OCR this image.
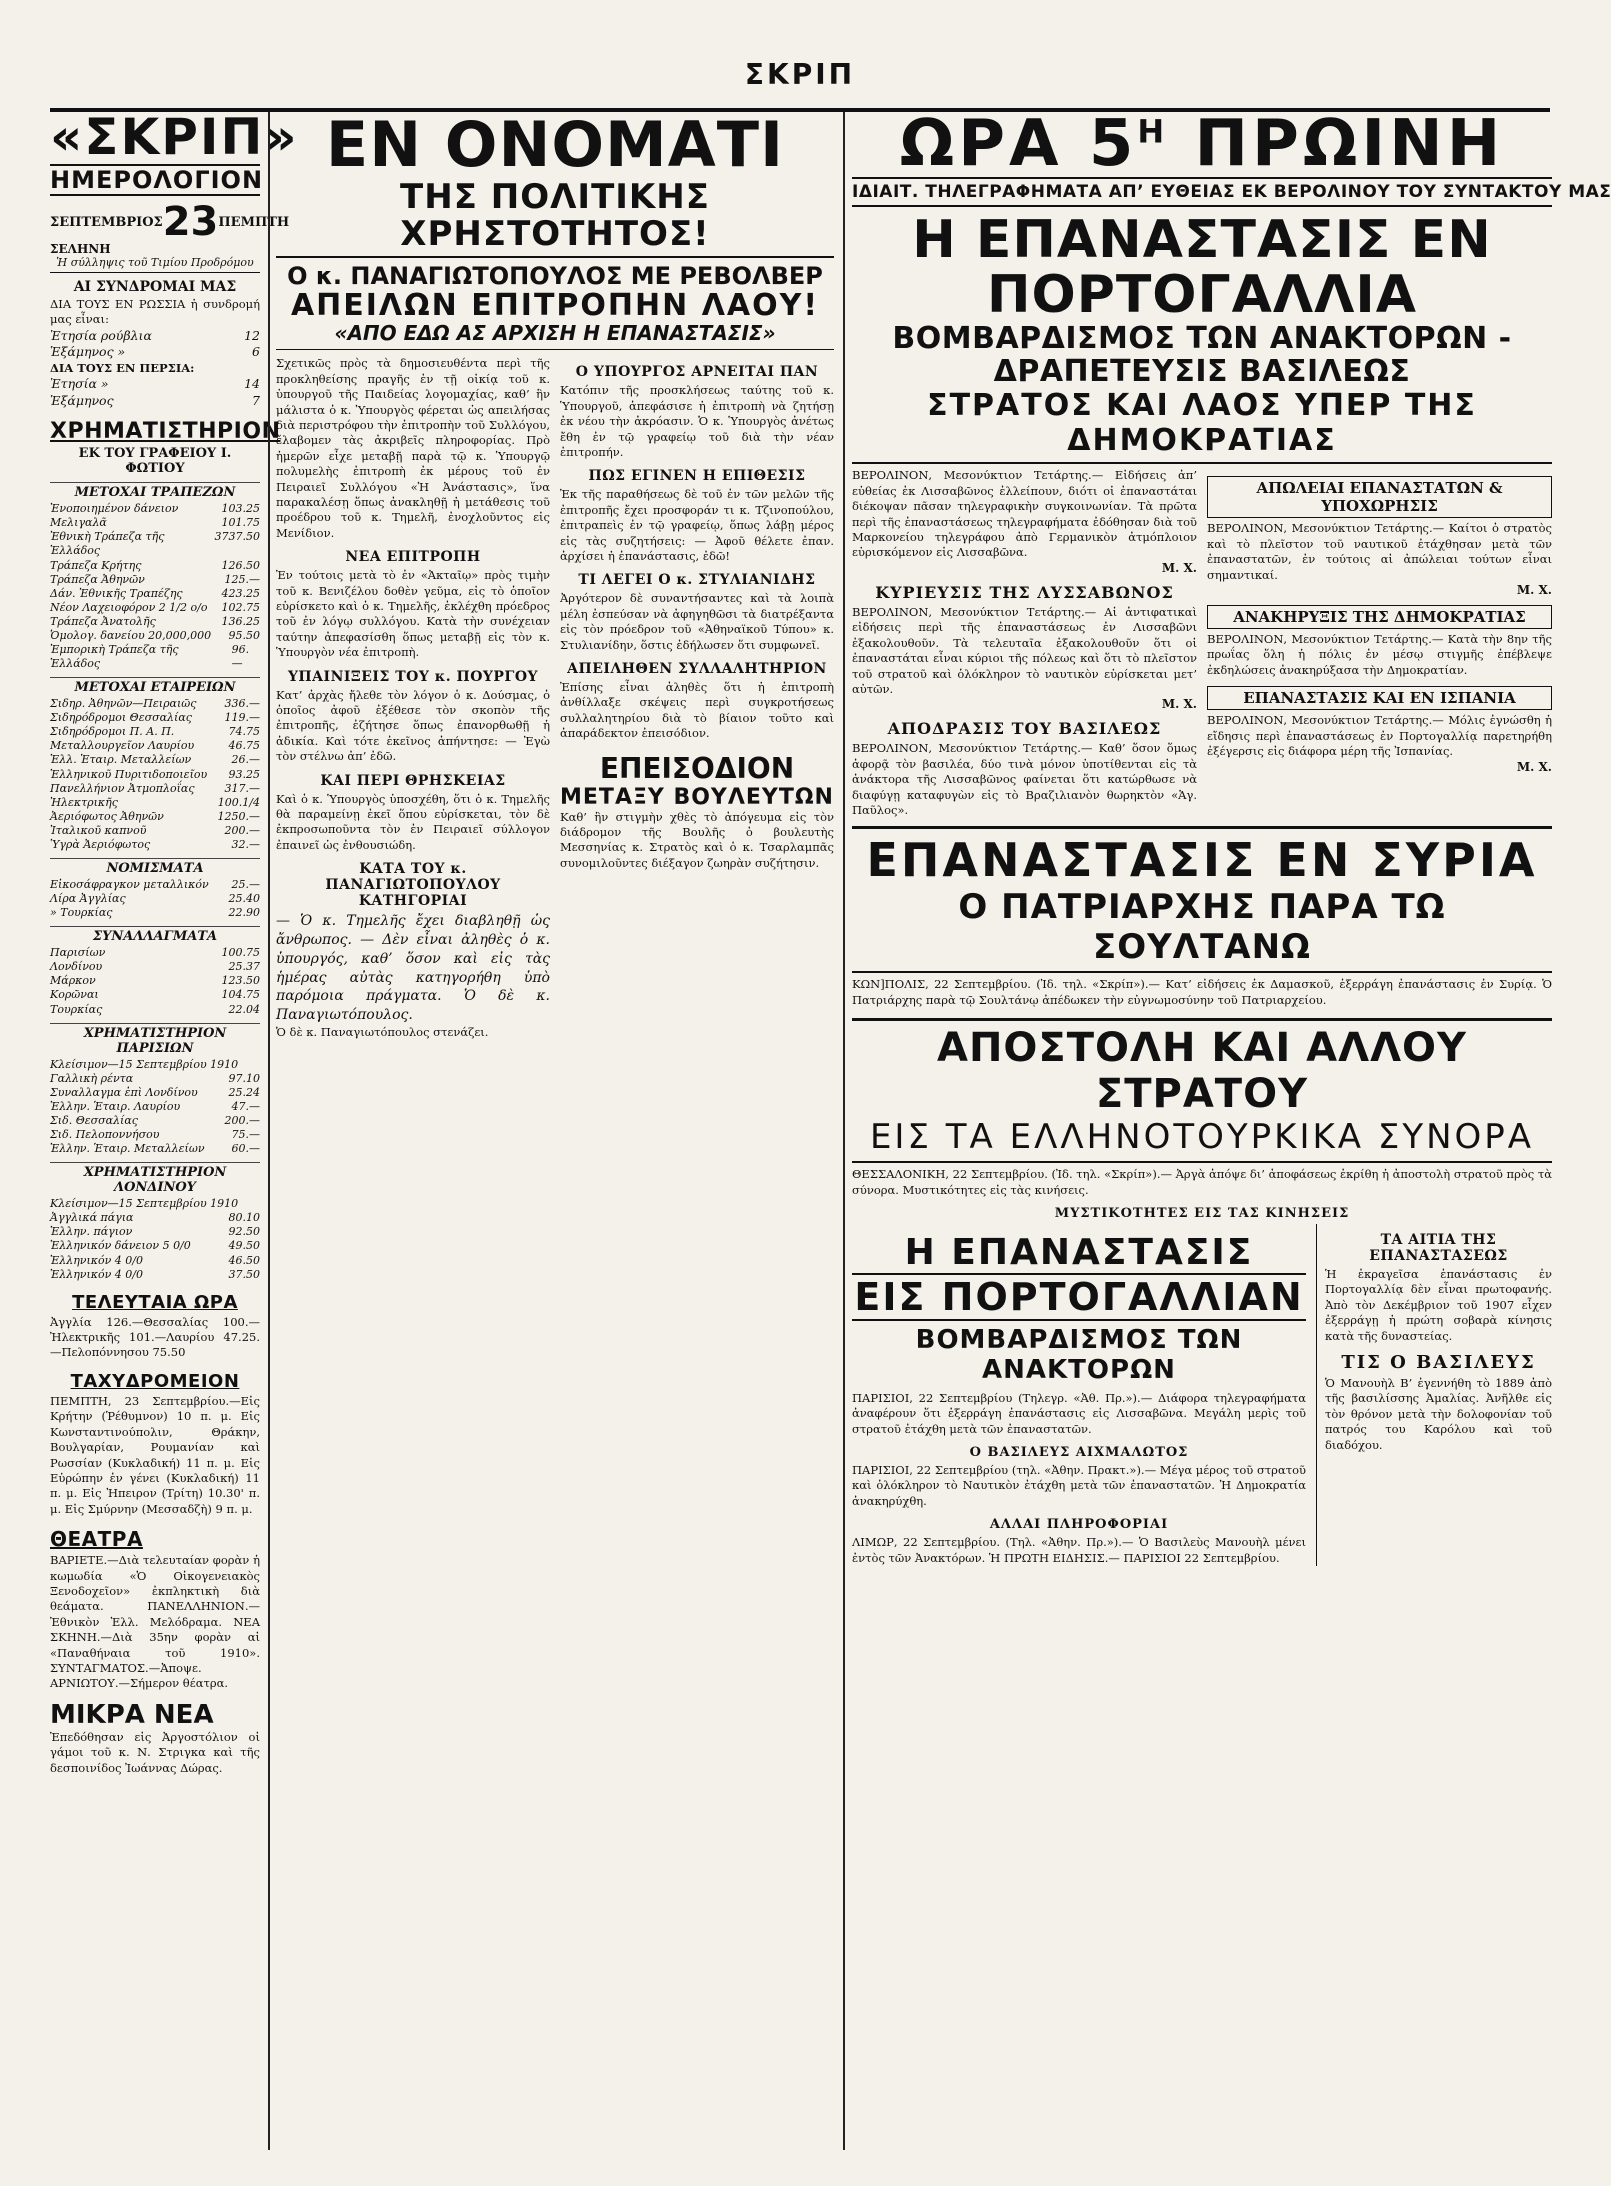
ΣΚΡΙΠ
«ΣΚΡΙΠ»
ΗΜΕΡΟΛΟΓΙΟΝ
ΣΕΠΤΕΜΒΡΙΟΣ 23 ΠΕΜΠΤΗ
ΣΕΛΗΝΗ
Ἡ σύλληψις τοῦ Τιμίου Προδρόμου
ΑΙ ΣΥΝΔΡΟΜΑΙ ΜΑΣ
ΔΙΑ ΤΟΥΣ ΕΝ ΡΩΣΣΙΑ ἡ συνδρομή μας εἶναι:
Ἐτησία ρούβλια	12
Ἑξάμηνος »	6
ΔΙΑ ΤΟΥΣ ΕΝ ΠΕΡΣΙΑ:
Ἐτησία »	14
Ἑξάμηνος	7
ΧΡΗΜΑΤΙΣΤΗΡΙΟΝ
ΕΚ ΤΟΥ ΓΡΑΦΕΙΟΥ Ι. ΦΩΤΙΟΥ
ΜΕΤΟΧΑΙ ΤΡΑΠΕΖΩΝ
Ἐνοποιημένον δάνειον	103.25
Μελιγαλᾶ	101.75
Ἐθνικὴ Τράπεζα τῆς Ἑλλάδος
3737.50
Τράπεζα Κρήτης	126.50
Τράπεζα Ἀθηνῶν	125.—
Δάν. Ἐθνικῆς Τραπέζης	423.25
Νέον Λαχειοφόρον 2 1/2 ο/ο 102.75
Τράπεζα Ἀνατολῆς	136.25
Ὁμολογ. δανείου 20,000,000 95.50
Ἐμπορικὴ Τράπεζα τῆς Ἑλλάδος
96.—
ΜΕΤΟΧΑΙ ΕΤΑΙΡΕΙΩΝ
Σιδηρ. Ἀθηνῶν—Πειραιῶς	336.—
Σιδηρόδρομοι Θεσσαλίας	119.—
Σιδηρόδρομοι Π. Α. Π.	74.75
Μεταλλουργεῖον Λαυρίου	46.75
Ἑλλ. Ἑταιρ. Μεταλλείων	26.—
Ἑλληνικοῦ Πυριτιδοποιεῖου 93.25
Πανελλήνιον Ἀτμοπλοΐας	317.—
Ἠλεκτρικῆς	100.1/4
Ἀεριόφωτος Ἀθηνῶν	1250.—
Ἰταλικοῦ καπνοῦ	200.—
Ὑγρὰ Ἀεριόφωτος	32.—
ΝΟΜΙΣΜΑΤΑ
Εἰκοσάφραγκον μεταλλικόν 25.—
Λίρα Ἀγγλίας	25.40
» Τουρκίας	22.90
ΣΥΝΑΛΛΑΓΜΑΤΑ
Παρισίων	100.75
Λονδίνου	25.37
Μάρκον	123.50
Κορῶναι	104.75
Τουρκίας	22.04
ΧΡΗΜΑΤΙΣΤΗΡΙΟΝ ΠΑΡΙΣΙΩΝ
Κλείσιμον—15 Σεπτεμβρίου 1910
Γαλλικὴ ρέντα	97.10
Συναλλαγμα ἐπὶ Λονδίνου	25.24
Ἑλλην. Ἑταιρ. Λαυρίου	47.—
Σιδ. Θεσσαλίας	200.—
Σιδ. Πελοποννήσου	75.—
Ἑλλην. Ἑταιρ. Μεταλλείων 60.—
ΧΡΗΜΑΤΙΣΤΗΡΙΟΝ ΛΟΝΔΙΝΟΥ
Κλείσιμον—15 Σεπτεμβρίου 1910
Ἀγγλικά πάγια	80.10
Ἑλλην. πάγιον	92.50
Ἑλληνικόν δάνειον 5 0/0	49.50
Ἑλληνικόν 4 0/0	46.50
Ἑλληνικόν 4 0/0	37.50
ΤΕΛΕΥΤΑΙΑ ΩΡΑ
Ἀγγλία 126.—Θεσσαλίας 100.—Ἠλεκτρικῆς 101.—Λαυρίου 47.25.—Πελοπόννησου 75.50
ΤΑΧΥΔΡΟΜΕΙΟΝ
ΠΕΜΠΤΗ, 23 Σεπτεμβρίου.—Εἰς Κρήτην (Ῥέθυμνον) 10 π. μ. Εἰς Κωνσταντινούπολιν, Θράκην, Βουλγαρίαν, Ρουμανίαν καὶ Ρωσσίαν (Κυκλαδική) 11 π. μ. Εἰς Εὐρώπην ἐν γένει (Κυκλαδική) 11 π. μ. Εἰς Ἠπειρον (Τρίτη) 10.30' π. μ. Εἰς Σμύρνην (Μεσσαδζὴ) 9 π. μ.
ΘΕΑΤΡΑ
ΒΑΡΙΕΤΕ.—Διὰ τελευταίαν φορὰν ἡ κωμωδία «Ὁ Οἰκογενειακὸς Ξενοδοχεῖον» ἐκπληκτικὴ διὰ θεάματα. ΠΑΝΕΛΛΗΝΙΟΝ.—Ἐθνικὸν Ἑλλ. Μελόδραμα. ΝΕΑ ΣΚΗΝΗ.—Διὰ 35ην φορὰν αἱ «Παναθήναια τοῦ 1910». ΣΥΝΤΑΓΜΑΤΟΣ.—Ἀποψε. ΑΡΝΙΩΤΟΥ.—Σήμερον θέατρα.
ΜΙΚΡΑ ΝΕΑ
Ἐπεδόθησαν εἰς Ἀργοστόλιον οἱ γάμοι τοῦ κ. Ν. Στριγκα καὶ τῆς δεσποινίδος Ἰωάννας Δώρας.
ΕΝ ΟΝΟΜΑΤΙ
ΤΗΣ ΠΟΛΙΤΙΚΗΣ ΧΡΗΣΤΟΤΗΤΟΣ!
Ο κ. ΠΑΝΑΓΙΩΤΟΠΟΥΛΟΣ ΜΕ ΡΕΒΟΛΒΕΡ
ΑΠΕΙΛΩΝ ΕΠΙΤΡΟΠΗΝ ΛΑΟΥ!
«ΑΠΟ ΕΔΩ ΑΣ ΑΡΧΙΣΗ Η ΕΠΑΝΑΣΤΑΣΙΣ»
Σχετικῶς πρὸς τὰ δημοσιευθέντα περὶ τῆς προκληθείσης πραγῆς ἐν τῇ οἰκίᾳ τοῦ κ. ὑπουργοῦ τῆς Παιδείας λογομαχίας, καθ’ ἣν μάλιστα ὁ κ. Ὑπουργὸς φέρεται ὡς απειλήσας διὰ περιστρόφου τὴν ἐπιτροπὴν τοῦ Συλλόγου, ἔλαβομεν τὰς ἀκριβεῖς πληροφορίας. Πρὸ ἡμερῶν εἶχε μεταβῇ παρὰ τῷ κ. Ὑπουργῷ πολυμελὴς ἐπιτροπὴ ἐκ μέρους τοῦ ἐν Πειραιεῖ Συλλόγου «Ἡ Ἀνάστασις», ἵνα παρακαλέσῃ ὅπως ἀνακληθῇ ἡ μετάθεσις τοῦ προέδρου τοῦ κ. Τημελῆ, ἐνοχλοῦντος εἰς Μενίδιον.
ΝΕΑ ΕΠΙΤΡΟΠΗ
Ἐν τούτοις μετὰ τὸ ἐν «Ἀκταῖῳ» πρὸς τιμὴν τοῦ κ. Βενιζέλου δοθὲν γεῦμα, εἰς τὸ ὁποῖον εὑρίσκετο καὶ ὁ κ. Τημελῆς, ἐκλέχθη πρόεδρος τοῦ ἐν λόγῳ συλλόγου. Κατὰ τὴν συνέχειαν ταύτην ἀπεφασίσθη ὅπως μεταβῇ εἰς τὸν κ. Ὑπουργὸν νέα ἐπιτροπὴ.
ΥΠΑΙΝΙΞΕΙΣ ΤΟΥ κ. ΠΟΥΡΓΟΥ
Κατ’ ἀρχὰς ἤλεθε τὸν λόγον ὁ κ. Δούσμας, ὁ ὁποῖος ἀφοῦ ἐξέθεσε τὸν σκοπὸν τῆς ἐπιτροπῆς, ἐζήτησε ὅπως ἐπανορθωθῇ ἡ ἀδικία. Καὶ τότε ἐκεῖνος ἀπήντησε: — Ἐγὼ τὸν στέλνω ἀπ’ ἐδῶ.
ΚΑΙ ΠΕΡΙ ΘΡΗΣΚΕΙΑΣ
Καὶ ὁ κ. Ὑπουργὸς ὑποσχέθη, ὅτι ὁ κ. Τημελῆς θὰ παραμείνῃ ἐκεῖ ὅπου εὑρίσκεται, τὸν δὲ ἐκπροσωποῦντα τὸν ἐν Πειραιεῖ σύλλογον ἐπαινεῖ ὡς ἐνθουσιώδη.
ΚΑΤΑ ΤΟΥ κ. ΠΑΝΑΓΙΩΤΟΠΟΥΛΟΥ ΚΑΤΗΓΟΡΙΑΙ
— Ὁ κ. Τημελῆς ἔχει διαβληθῇ ὡς ἄνθρωπος. — Δὲν εἶναι ἀληθὲς ὁ κ. ὑπουργός, καθ’ ὅσον καὶ εἰς τὰς ἡμέρας αὐτὰς κατηγορήθη ὑπὸ παρόμοια πράγματα. Ὁ δὲ κ. Παναγιωτόπουλος.
Ὁ δὲ κ. Παναγιωτόπουλος στενάζει.
Ο ΥΠΟΥΡΓΟΣ ΑΡΝΕΙΤΑΙ ΠΑΝ
Κατόπιν τῆς προσκλήσεως ταύτης τοῦ κ. Ὑπουργοῦ, ἀπεφάσισε ἡ ἐπιτροπὴ νὰ ζητήσῃ ἐκ νέου τὴν ἀκρόασιν. Ὁ κ. Ὑπουργὸς ἀνέτως ἔθη ἐν τῷ γραφείῳ τοῦ διὰ τὴν νέαν ἐπιτροπήν.
ΠΩΣ ΕΓΙΝΕΝ Η ΕΠΙΘΕΣΙΣ
Ἐκ τῆς παραθήσεως δὲ τοῦ ἐν τῶν μελῶν τῆς ἐπιτροπῆς ἔχει προσφοράν τι κ. Τζινοπούλου, ἐπιτραπεὶς ἐν τῷ γραφείῳ, ὅπως λάβῃ μέρος εἰς τὰς συζητήσεις: — Ἀφοῦ θέλετε ἐπαν. ἀρχίσει ἡ ἐπανάστασις, ἐδῶ!
ΤΙ ΛΕΓΕΙ Ο κ. ΣΤΥΛΙΑΝΙΔΗΣ
Ἀργότερον δὲ συναντήσαντες καὶ τὰ λοιπὰ μέλη ἐσπεύσαν νὰ ἀφηγηθῶσι τὰ διατρέξαντα εἰς τὸν πρόεδρον τοῦ «Ἀθηναϊκοῦ Τύπου» κ. Στυλιανίδην, ὅστις ἐδήλωσεν ὅτι συμφωνεῖ.
ΑΠΕΙΛΗΘΕΝ ΣΥΛΛΑΛΗΤΗΡΙΟΝ
Ἐπίσης εἶναι ἀληθὲς ὅτι ἡ ἐπιτροπὴ ἀνθίλλαξε σκέψεις περὶ συγκροτήσεως συλλαλητηρίου διὰ τὸ βίαιον τοῦτο καὶ ἀπαράδεκτον ἐπεισόδιον.
ΕΠΕΙΣΟΔΙΟΝ
ΜΕΤΑΞΥ ΒΟΥΛΕΥΤΩΝ
Καθ’ ἣν στιγμὴν χθὲς τὸ ἀπόγευμα εἰς τὸν διάδρομον τῆς Βουλῆς ὁ βουλευτὴς Μεσσηνίας κ. Στρατὸς καὶ ὁ κ. Τσαρλαμπᾶς συνομιλοῦντες διέξαγον ζωηρὰν συζήτησιν.
ΩΡΑ $5^H$ ΠΡΩΙΝΗ
ΙΔΙΑΙΤ. ΤΗΛΕΓΡΑΦΗΜΑΤΑ ΑΠ’ ΕΥΘΕΙΑΣ ΕΚ ΒΕΡΟΛΙΝΟΥ ΤΟΥ ΣΥΝΤΑΚΤΟΥ ΜΑΣ
Η ΕΠΑΝΑΣΤΑΣΙΣ ΕΝ ΠΟΡΤΟΓΑΛΛΙΑ
ΒΟΜΒΑΡΔΙΣΜΟΣ ΤΩΝ ΑΝΑΚΤΟΡΩΝ - ΔΡΑΠΕΤΕΥΣΙΣ ΒΑΣΙΛΕΩΣ
ΣΤΡΑΤΟΣ ΚΑΙ ΛΑΟΣ ΥΠΕΡ ΤΗΣ ΔΗΜΟΚΡΑΤΙΑΣ
ΒΕΡΟΛΙΝΟΝ, Μεσονύκτιον Τετάρτης.— Εἰδήσεις ἀπ’ εὐθείας ἐκ Λισσαβῶνος ἐλλείπουν, διότι οἱ ἐπαναστάται διέκοψαν πᾶσαν τηλεγραφικὴν συγκοινωνίαν. Τὰ πρῶτα περὶ τῆς ἐπαναστάσεως τηλεγραφήματα ἐδόθησαν διὰ τοῦ Μαρκονείου τηλεγράφου ἀπὸ Γερμανικὸν ἀτμόπλοιον εὑρισκόμενον εἰς Λισσαβῶνα.
Μ. Χ.
ΚΥΡΙΕΥΣΙΣ ΤΗΣ ΛΥΣΣΑΒΩΝΟΣ
ΒΕΡΟΛΙΝΟΝ, Μεσονύκτιον Τετάρτης.— Αἱ ἀντιφατικαὶ εἰδήσεις περὶ τῆς ἐπαναστάσεως ἐν Λισσαβῶνι ἐξακολουθοῦν. Τὰ τελευταῖα ἐξακολουθοῦν ὅτι οἱ ἐπαναστάται εἶναι κύριοι τῆς πόλεως καὶ ὅτι τὸ πλεῖστον τοῦ στρατοῦ καὶ ὁλόκληρον τὸ ναυτικὸν εὑρίσκεται μετ’ αὐτῶν.
Μ. Χ.
ΑΠΟΔΡΑΣΙΣ ΤΟΥ ΒΑΣΙΛΕΩΣ
ΒΕΡΟΛΙΝΟΝ, Μεσονύκτιον Τετάρτης.— Καθ’ ὅσον ὅμως ἀφορᾷ τὸν βασιλέα, δύο τινὰ μόνον ὑποτίθενται εἰς τὰ ἀνάκτορα τῆς Λισσαβῶνος φαίνεται ὅτι κατώρθωσε νὰ διαφύγῃ καταφυγὼν εἰς τὸ Βραζιλιανὸν θωρηκτὸν «Ἁγ. Παῦλος».
ΑΠΩΛΕΙΑΙ ΕΠΑΝΑΣΤΑΤΩΝ & ΥΠΟΧΩΡΗΣΙΣ
ΒΕΡΟΛΙΝΟΝ, Μεσονύκτιον Τετάρτης.— Καίτοι ὁ στρατὸς καὶ τὸ πλεῖστον τοῦ ναυτικοῦ ἐτάχθησαν μετὰ τῶν ἐπαναστατῶν, ἐν τούτοις αἱ ἀπώλειαι τούτων εἶναι σημαντικαί.
Μ. Χ.
ΑΝΑΚΗΡΥΞΙΣ ΤΗΣ ΔΗΜΟΚΡΑΤΙΑΣ
ΒΕΡΟΛΙΝΟΝ, Μεσονύκτιον Τετάρτης.— Κατὰ τὴν 8ην τῆς πρωΐας ὅλη ἡ πόλις ἐν μέσῳ στιγμῆς ἐπέβλεψε ἐκδηλώσεις ἀνακηρύξασα τὴν Δημοκρατίαν.
ΕΠΑΝΑΣΤΑΣΙΣ ΚΑΙ ΕΝ ΙΣΠΑΝΙΑ
ΒΕΡΟΛΙΝΟΝ, Μεσονύκτιον Τετάρτης.— Μόλις ἐγνώσθη ἡ εἴδησις περὶ ἐπαναστάσεως ἐν Πορτογαλλίᾳ παρετηρήθη ἐξέγερσις εἰς διάφορα μέρη τῆς Ἰσπανίας.
Μ. Χ.
ΕΠΑΝΑΣΤΑΣΙΣ ΕΝ ΣΥΡΙΑ
Ο ΠΑΤΡΙΑΡΧΗΣ ΠΑΡΑ ΤΩ ΣΟΥΛΤΑΝΩ
ΚΩΝ]ΠΟΛΙΣ, 22 Σεπτεμβρίου. (Ἰδ. τηλ. «Σκρίπ»).— Κατ’ εἰδήσεις ἐκ Δαμασκοῦ, ἐξερράγη ἐπανάστασις ἐν Συρίᾳ. Ὁ Πατριάρχης παρὰ τῷ Σουλτάνῳ ἀπέδωκεν τὴν εὐγνωμοσύνην τοῦ Πατριαρχείου.
ΑΠΟΣΤΟΛΗ ΚΑΙ ΑΛΛΟΥ ΣΤΡΑΤΟΥ
ΕΙΣ ΤΑ ΕΛΛΗΝΟΤΟΥΡΚΙΚΑ ΣΥΝΟΡΑ
ΘΕΣΣΑΛΟΝΙΚΗ, 22 Σεπτεμβρίου. (Ἰδ. τηλ. «Σκρίπ»).— Ἀργὰ ἀπόψε δι’ ἀποφάσεως ἐκρίθη ἡ ἀποστολὴ στρατοῦ πρὸς τὰ σύνορα. Μυστικότητες εἰς τὰς κινήσεις.
ΜΥΣΤΙΚΟΤΗΤΕΣ ΕΙΣ ΤΑΣ ΚΙΝΗΣΕΙΣ
Η ΕΠΑΝΑΣΤΑΣΙΣ
ΕΙΣ ΠΟΡΤΟΓΑΛΛΙΑΝ
ΒΟΜΒΑΡΔΙΣΜΟΣ ΤΩΝ ΑΝΑΚΤΟΡΩΝ
ΠΑΡΙΣΙΟΙ, 22 Σεπτεμβρίου (Τηλεγρ. «Ἀθ. Πρ.»).— Διάφορα τηλεγραφήματα ἀναφέρουν ὅτι ἐξερράγη ἐπανάστασις εἰς Λισσαβῶνα. Μεγάλη μερὶς τοῦ στρατοῦ ἐτάχθη μετὰ τῶν ἐπαναστατῶν.
Ο ΒΑΣΙΛΕΥΣ ΑΙΧΜΑΛΩΤΟΣ
ΠΑΡΙΣΙΟΙ, 22 Σεπτεμβρίου (τηλ. «Ἀθην. Πρακτ.»).— Μέγα μέρος τοῦ στρατοῦ καὶ ὁλόκληρον τὸ Ναυτικὸν ἐτάχθη μετὰ τῶν ἐπαναστατῶν. Ἡ Δημοκρατία ἀνακηρύχθη.
ΑΛΛΑΙ ΠΛΗΡΟΦΟΡΙΑΙ
ΛΙΜΩΡ, 22 Σεπτεμβρίου. (Τηλ. «Ἀθην. Πρ.»).— Ὁ Βασιλεὺς Μανουὴλ μένει ἐντὸς τῶν Ἀνακτόρων. Ἡ ΠΡΩΤΗ ΕΙΔΗΣΙΣ.— ΠΑΡΙΣΙΟΙ 22 Σεπτεμβρίου.
ΤΑ ΑΙΤΙΑ ΤΗΣ ΕΠΑΝΑΣΤΑΣΕΩΣ
Ἡ ἐκραγεῖσα ἐπανάστασις ἐν Πορτογαλλίᾳ δὲν εἶναι πρωτοφανής. Ἀπὸ τὸν Δεκέμβριον τοῦ 1907 εἶχεν ἐξερράγῃ ἡ πρώτη σοβαρὰ κίνησις κατὰ τῆς δυναστείας.
ΤΙΣ Ο ΒΑΣΙΛΕΥΣ
Ὁ Μανουὴλ Β’ ἐγεννήθη τὸ 1889 ἀπὸ τῆς βασιλίσσης Ἀμαλίας. Ἀνῆλθε εἰς τὸν θρόνον μετὰ τὴν δολοφονίαν τοῦ πατρός του Καρόλου καὶ τοῦ διαδόχου.
